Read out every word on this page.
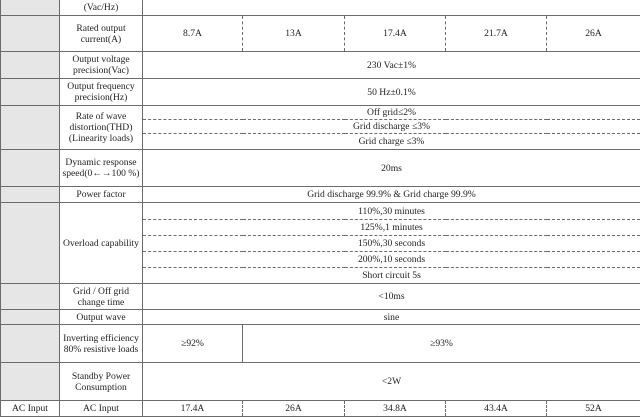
	(Vac/Hz)					
	Rated output current(A)	8.7A	13A	17.4A	21.7A	26A
	Output voltage precision(Vac)	230 Vac±1%				
	Output frequency precision(Hz)	50 Hz±0.1%				
	Rate of wave distortion(THD) (Linearity loads)	Off grid≤2%				
		Grid discharge ≤3%				
		Grid charge ≤3%				
	Dynamic response speed(0←→100 %)	20ms				
	Power factor	Grid discharge 99.9% & Grid charge 99.9%				
	Overload capability	110%,30 minutes				
		125%,1 minutes				
		150%,30 seconds				
		200%,10 seconds				
		Short circuit 5s				
	Grid / Off grid change time	<10ms				
	Output wave	sine				
	Inverting efficiency 80% resistive loads	≥92%	≥93%			
	Standby Power Consumption	<2W				
AC Input	AC Input	17.4A	26A	34.8A	43.4A	52A
